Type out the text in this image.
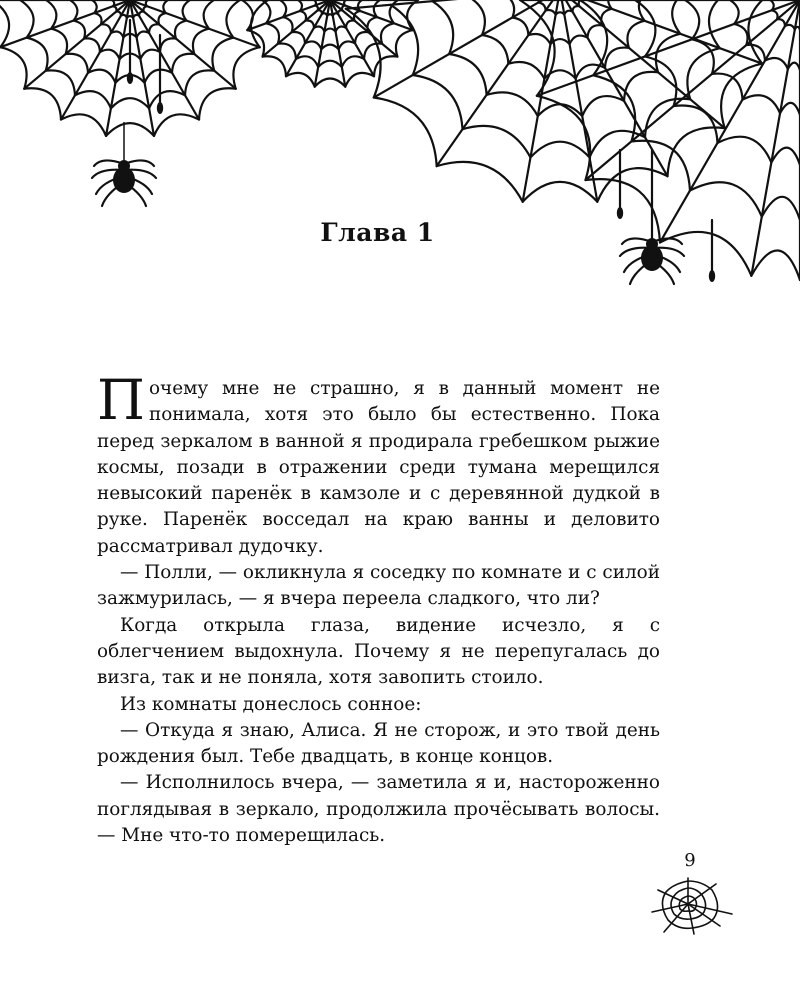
Глава 1

Почему мне не страшно, я в данный момент не понимала, хотя это было бы естественно. Пока перед зеркалом в ванной я продирала гребешком рыжие космы, позади в отражении среди тумана мерещился невысокий паренёк в камзоле и с деревянной дудкой в руке. Паренёк восседал на краю ванны и деловито рассматривал дудочку.

— Полли, — окликнула я соседку по комнате и с силой зажмурилась, — я вчера переела сладкого, что ли?

Когда открыла глаза, видение исчезло, я с облегчением выдохнула. Почему я не перепугалась до визга, так и не поняла, хотя завопить стоило.

Из комнаты донеслось сонное:

— Откуда я знаю, Алиса. Я не сторож, и это твой день рождения был. Тебе двадцать, в конце концов.

— Исполнилось вчера, — заметила я и, настороженно поглядывая в зеркало, продолжила прочёсывать волосы. — Мне что-то померещилась.

9
